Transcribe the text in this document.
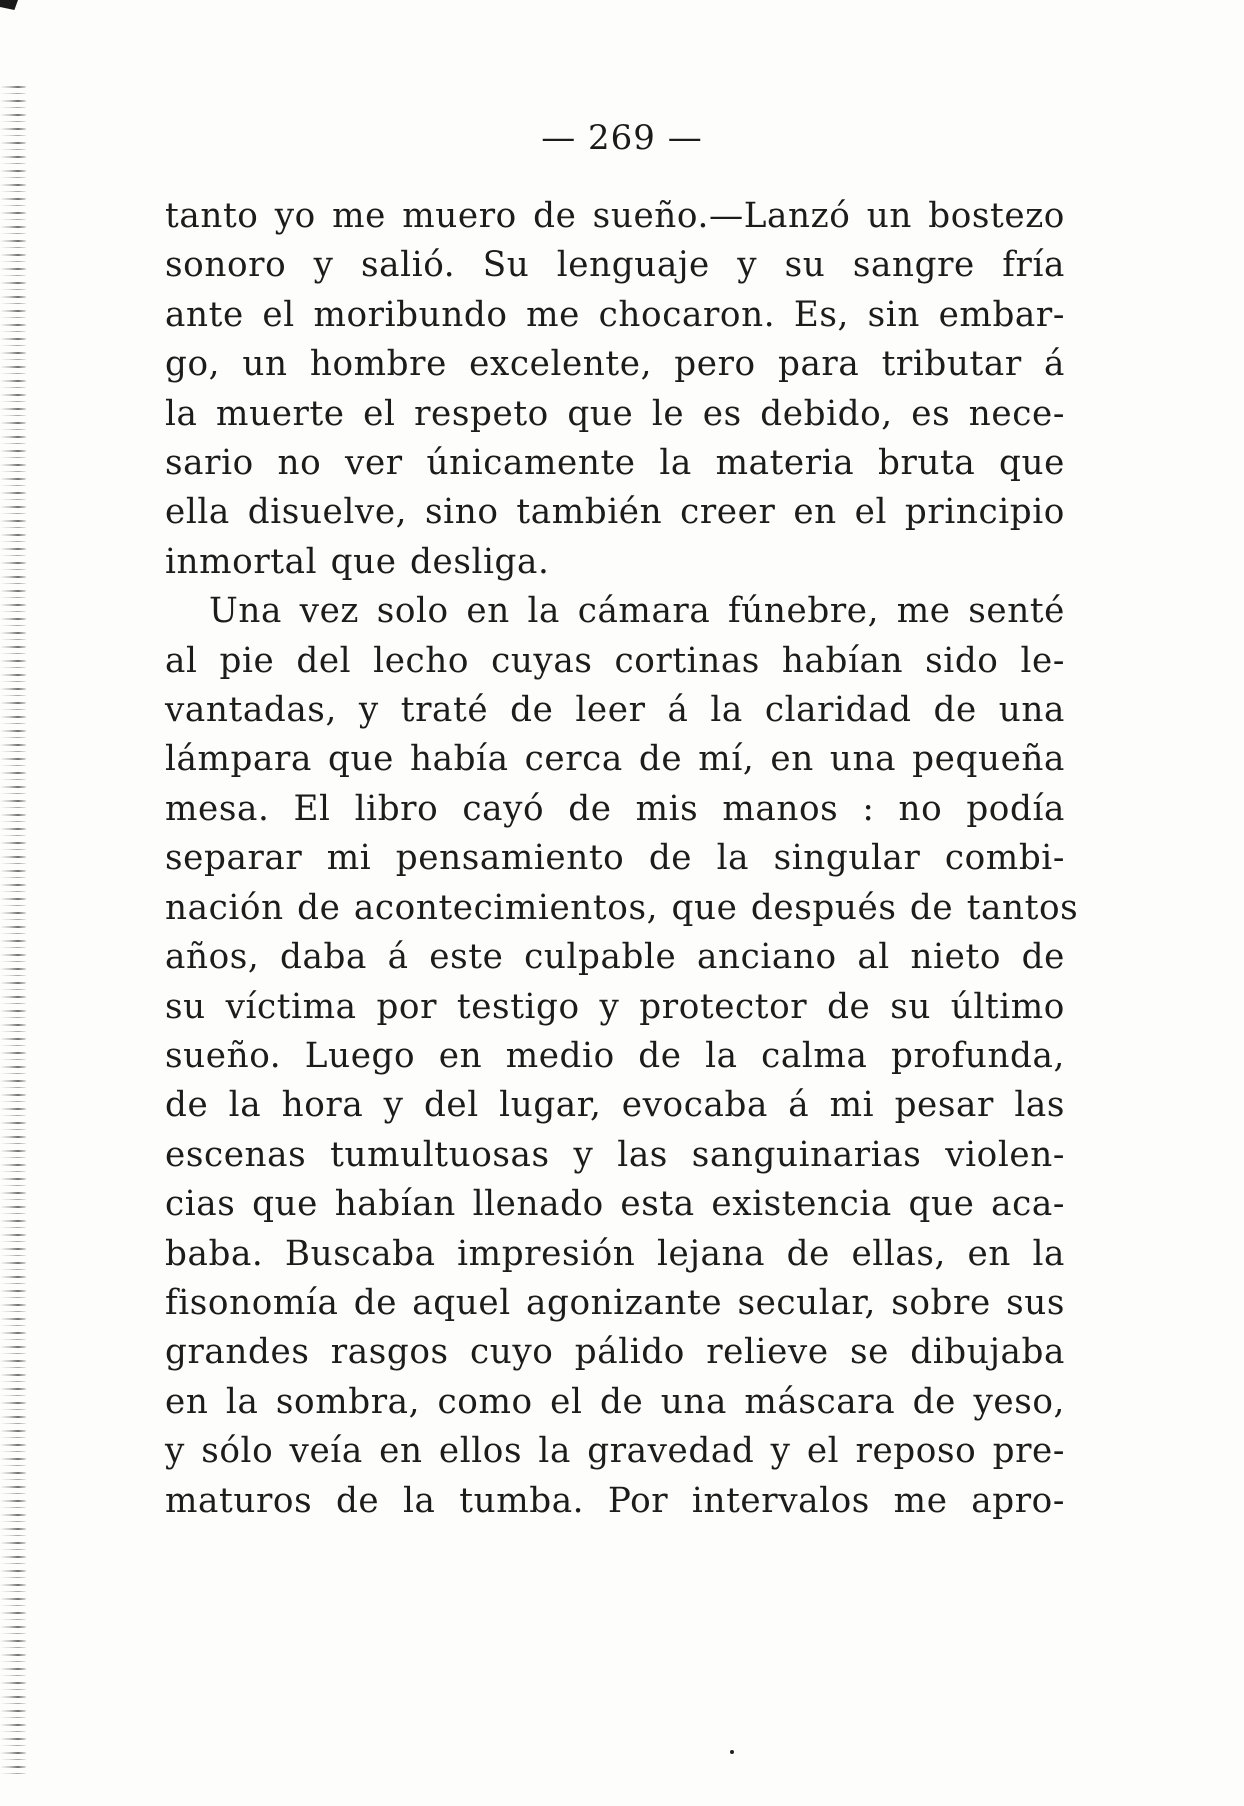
— 269 —
tanto yo me muero de sueño.—Lanzó un bostezo
sonoro y salió. Su lenguaje y su sangre fría
ante el moribundo me chocaron. Es, sin embar-
go, un hombre excelente, pero para tributar á
la muerte el respeto que le es debido, es nece-
sario no ver únicamente la materia bruta que
ella disuelve, sino también creer en el principio
inmortal que desliga.
Una vez solo en la cámara fúnebre, me senté
al pie del lecho cuyas cortinas habían sido le-
vantadas, y traté de leer á la claridad de una
lámpara que había cerca de mí, en una pequeña
mesa. El libro cayó de mis manos : no podía
separar mi pensamiento de la singular combi-
nación de acontecimientos, que después de tantos
años, daba á este culpable anciano al nieto de
su víctima por testigo y protector de su último
sueño. Luego en medio de la calma profunda,
de la hora y del lugar, evocaba á mi pesar las
escenas tumultuosas y las sanguinarias violen-
cias que habían llenado esta existencia que aca-
baba. Buscaba impresión lejana de ellas, en la
fisonomía de aquel agonizante secular, sobre sus
grandes rasgos cuyo pálido relieve se dibujaba
en la sombra, como el de una máscara de yeso,
y sólo veía en ellos la gravedad y el reposo pre-
maturos de la tumba. Por intervalos me apro-
